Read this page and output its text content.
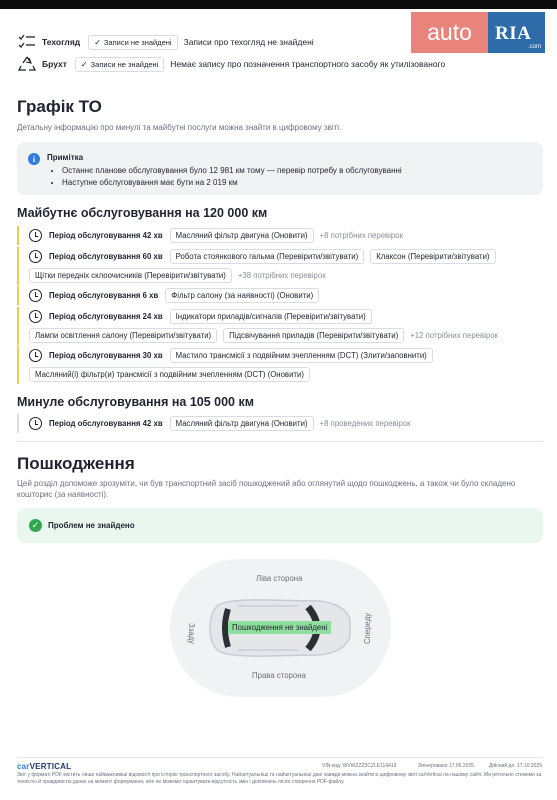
auto	RIA
.com
Техогляд ✓ Записи не знайдені Записи про техогляд не знайдені
Брухт ✓ Записи не знайдені Немає запису про позначення транспортного засобу як утилізованого
Графік ТО
Детальну інформацію про минулі та майбутні послуги можна знайти в цифровому звіті.
i	Примітка
• Останнє планове обслуговування було 12 981 км тому — перевір потребу в обслуговуванні
• Наступне обслуговування має бути на 2 019 км
Майбутнє обслуговування на 120 000 км
Період обслуговування 42 хв	Масляний фільтр двигуна (Оновити)	+8 потрібних перевірок
Період обслуговування 60 хв	Робота стоянкового гальма (Перевірити/звітувати)	Клаксон (Перевірити/звітувати)
Щітки передніх склоочисників (Перевірити/звітувати)	+38 потрібних перевірок
Період обслуговування 6 хв	Фільтр салону (за наявності) (Оновити)
Період обслуговування 24 хв	Індикатори приладів/сигналів (Перевірити/звітувати)
Лампи освітлення салону (Перевірити/звітувати)	Підсвічування приладів (Перевірити/звітувати)	+12 потрібних перевірок
Період обслуговування 30 хв	Мастило трансмісії з подвійним зчепленням (DCT) (Злити/заповнити)
Масляний(і) фільтр(и) трансмісії з подвійним зчепленням (DCT) (Оновити)
Минуле обслуговування на 105 000 км
Період обслуговування 42 хв	Масляний фільтр двигуна (Оновити)	+8 проведених перевірок
Пошкодження
Цей розділ допоможе зрозуміти, чи був транспортний засіб пошкоджений або оглянутий щодо пошкоджень, а також чи було складено кошторис (за наявності).
✓	Проблем не знайдено
Ліва сторона
Права сторона
Ззаду	Спереду
Пошкодження не знайдені
carVERTICAL	VIN-код: WVWZZZ3CZLE114419	Згенеровано 17.09.2025	Дійсний до: 17.10.2025
Звіт у форматі PDF містить лише найважливіші відомості про історію транспортного засобу. Найактуальніші та найактуальніші дані завжди можна знайти в цифровому звіті carVertical на нашому сайті. Ми ретельно стежимо за точністю й правдивістю даних на момент формування, але не можемо гарантувати відсутність змін і доповнень після створення PDF-файлу.
